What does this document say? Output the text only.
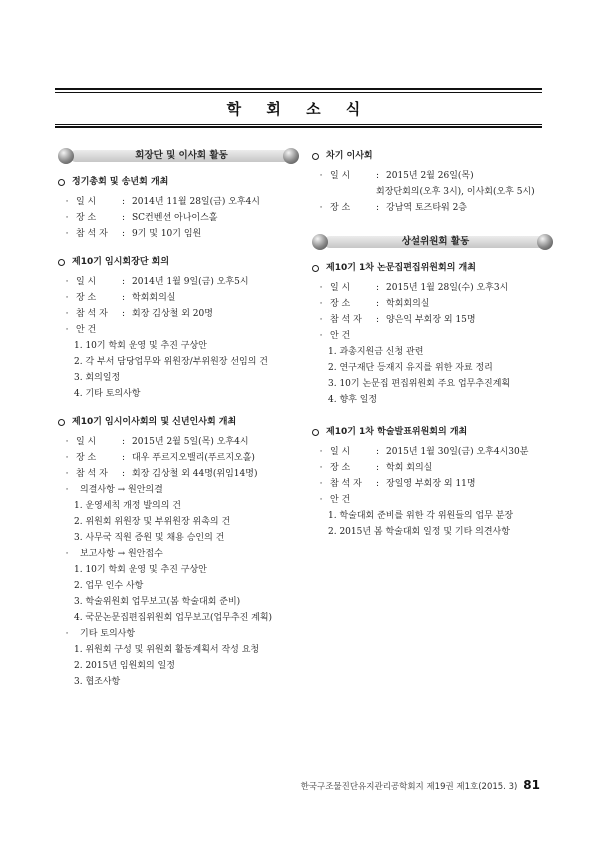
학 회 소 식
회장단 및 이사회 활동
정기총회 및 송년회 개최
· 일 시	: 2014년 11월 28일(금) 오후4시
· 장 소	: SC컨벤션 아나이스홀
· 참 석 자	: 9기 및 10기 임원
제10기 임시회장단 회의
· 일 시	: 2014년 1월 9일(금) 오후5시
· 장 소	: 학회회의실
· 참 석 자	: 회장 김상철 외 20명
· 안 건
1. 10기 학회 운영 및 추진 구상안
2. 각 부서 담당업무와 위원장/부위원장 선임의 건
3. 회의일정
4. 기타 토의사항
제10기 임시이사회의 및 신년인사회 개최
· 일 시	: 2015년 2월 5일(목) 오후4시
· 장 소	: 대우 푸르지오밸리(푸르지오홀)
· 참 석 자	: 회장 김상철 외 44명(위임14명)
·	의결사항 → 원안의결
1. 운영세칙 개정 발의의 건
2. 위원회 위원장 및 부위원장 위촉의 건
3. 사무국 직원 증원 및 채용 승인의 건
·	보고사항 → 원안접수
1. 10기 학회 운영 및 추진 구상안
2. 업무 인수 사항
3. 학술위원회 업무보고(봄 학술대회 준비)
4. 국문논문집편집위원회 업무보고(업무추진 계획)
·	기타 토의사항
1. 위원회 구성 및 위원회 활동계획서 작성 요청
2. 2015년 임원회의 일정
3. 협조사항
차기 이사회
· 일 시	: 2015년 2월 26일(목)
회장단회의(오후 3시), 이사회(오후 5시)
· 장 소	: 강남역 토즈타워 2층
상설위원회 활동
제10기 1차 논문집편집위원회의 개최
· 일 시	: 2015년 1월 28일(수) 오후3시
· 장 소	: 학회회의실
· 참 석 자	: 양은익 부회장 외 15명
· 안 건
1. 과총지원금 신청 관련
2. 연구재단 등재지 유지를 위한 자료 정리
3. 10기 논문집 편집위원회 주요 업무추진계획
4. 향후 일정
제10기 1차 학술발표위원회의 개최
· 일 시	: 2015년 1월 30일(금) 오후4시30분
· 장 소	: 학회 회의실
· 참 석 자	: 장일영 부회장 외 11명
· 안 건
1. 학술대회 준비를 위한 각 위원들의 업무 분장
2. 2015년 봄 학술대회 일정 및 기타 의견사항
한국구조물진단유지관리공학회지 제19권 제1호(2015. 3) 81
